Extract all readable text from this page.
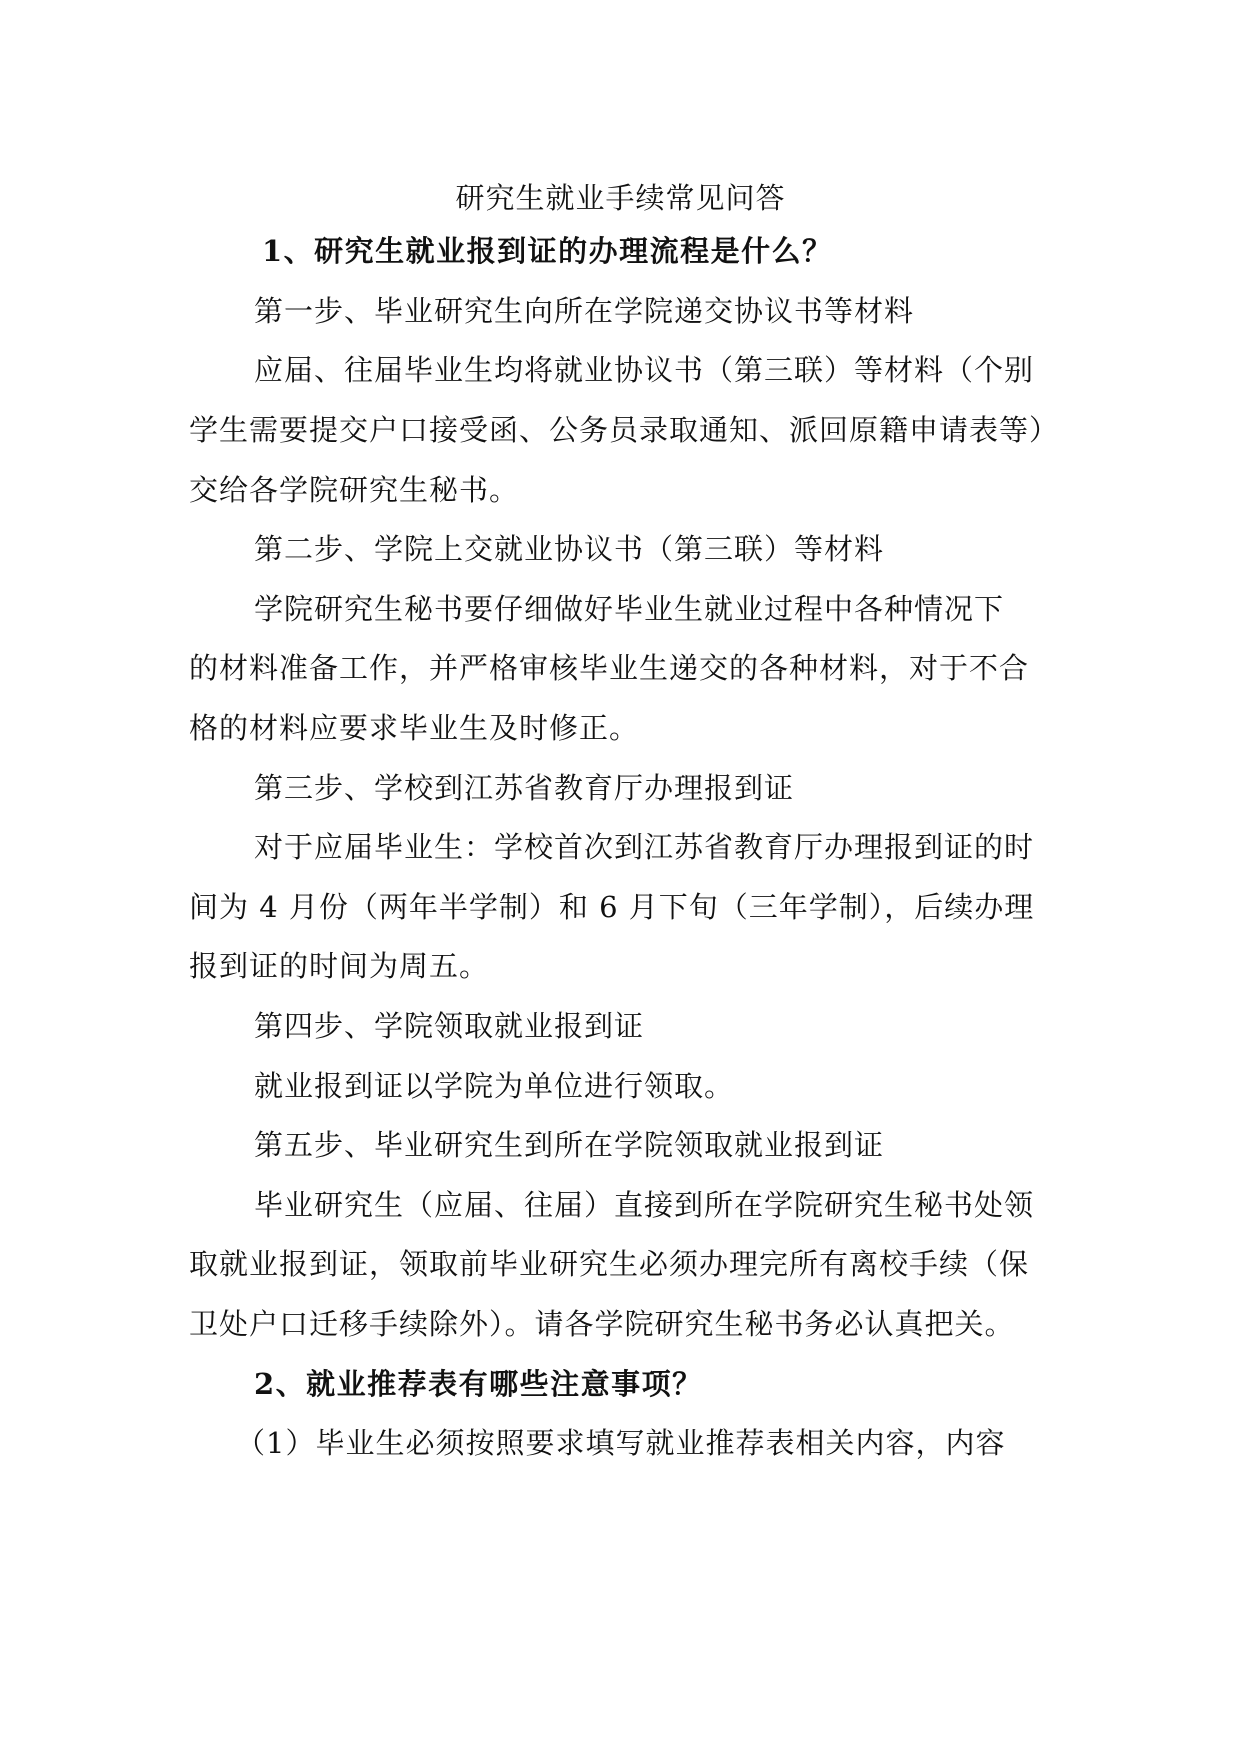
研究生就业手续常见问答
1、研究生就业报到证的办理流程是什么？
第一步、毕业研究生向所在学院递交协议书等材料
应届、往届毕业生均将就业协议书（第三联）等材料（个别
学生需要提交户口接受函、公务员录取通知、派回原籍申请表等）
交给各学院研究生秘书。
第二步、学院上交就业协议书（第三联）等材料
学院研究生秘书要仔细做好毕业生就业过程中各种情况下
的材料准备工作，并严格审核毕业生递交的各种材料，对于不合
格的材料应要求毕业生及时修正。
第三步、学校到江苏省教育厅办理报到证
对于应届毕业生：学校首次到江苏省教育厅办理报到证的时
间为 4 月份（两年半学制）和 6 月下旬（三年学制），后续办理
报到证的时间为周五。
第四步、学院领取就业报到证
就业报到证以学院为单位进行领取。
第五步、毕业研究生到所在学院领取就业报到证
毕业研究生（应届、往届）直接到所在学院研究生秘书处领
取就业报到证，领取前毕业研究生必须办理完所有离校手续（保
卫处户口迁移手续除外）。请各学院研究生秘书务必认真把关。
2、就业推荐表有哪些注意事项？
（1）毕业生必须按照要求填写就业推荐表相关内容，内容
